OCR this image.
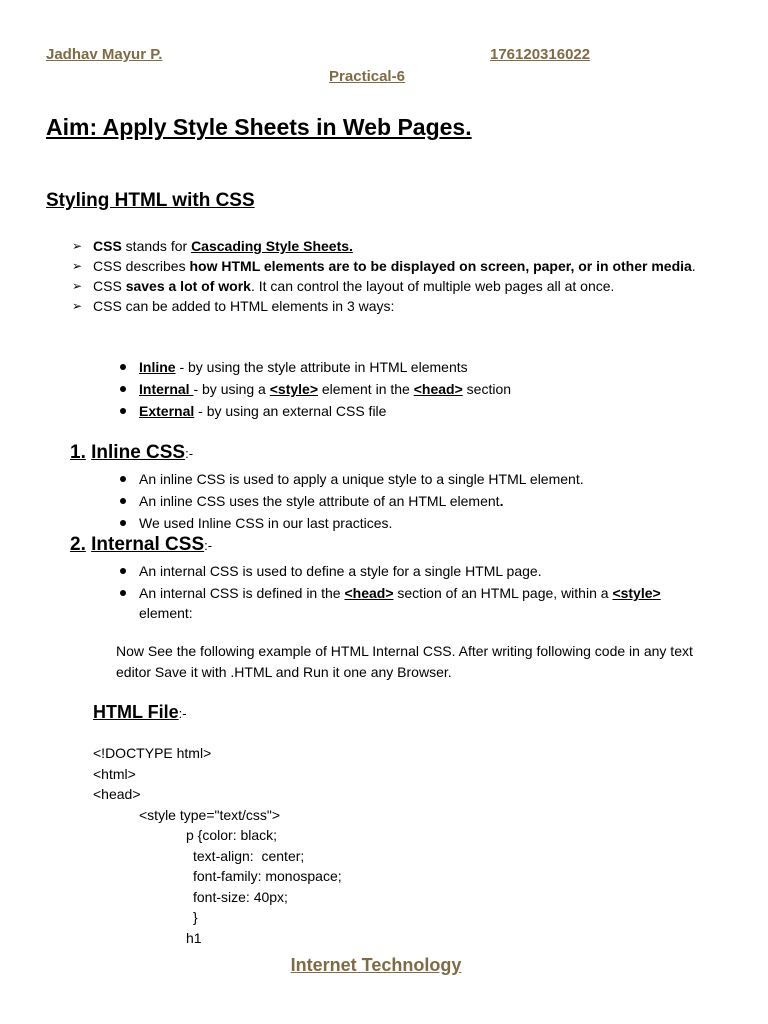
Jadhav Mayur P.	176120316022
Practical-6
Aim: Apply Style Sheets in Web Pages.
Styling HTML with CSS
➢ CSS stands for Cascading Style Sheets.
➢ CSS describes how HTML elements are to be displayed on screen, paper, or in other media.
➢ CSS saves a lot of work. It can control the layout of multiple web pages all at once.
➢ CSS can be added to HTML elements in 3 ways:
Inline - by using the style attribute in HTML elements
Internal - by using a <style> element in the <head> section
External - by using an external CSS file
1. Inline CSS:-
An inline CSS is used to apply a unique style to a single HTML element.
An inline CSS uses the style attribute of an HTML element.
We used Inline CSS in our last practices.
2. Internal CSS:-
An internal CSS is used to define a style for a single HTML page.
An internal CSS is defined in the <head> section of an HTML page, within a <style> element:
Now See the following example of HTML Internal CSS. After writing following code in any text editor Save it with .HTML and Run it one any Browser.
HTML File:-
<!DOCTYPE html>
<html>
<head>
<style type="text/css">
p {color: black;
text-align:  center;
font-family: monospace;
font-size: 40px;
}
h1
Internet Technology
